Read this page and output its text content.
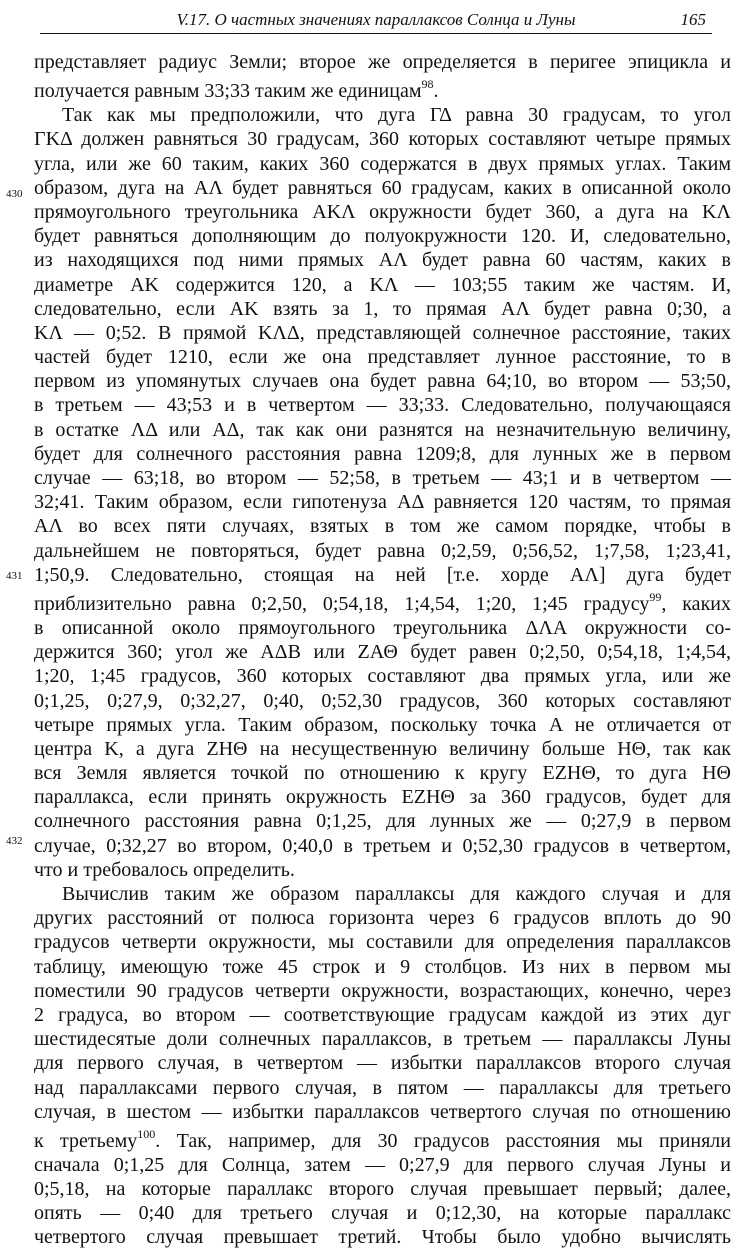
V.17. О частных значениях параллаксов Солнца и Луны	165
430
431
432
представляет радиус Земли; второе же определяется в перигее эпицикла и
получается равным 33;33 таким же единицам$^{98}$.
Так как мы предположили, что дуга ΓΔ равна 30 градусам, то угол
ΓΚΔ должен равняться 30 градусам, 360 которых составляют четыре прямых
угла, или же 60 таким, каких 360 содержатся в двух прямых углах. Таким
образом, дуга на ΑΛ будет равняться 60 градусам, каких в описанной около
прямоугольного треугольника ΑΚΛ окружности будет 360, а дуга на ΚΛ
будет равняться дополняющим до полуокружности 120. И, следовательно,
из находящихся под ними прямых ΑΛ будет равна 60 частям, каких в
диаметре ΑΚ содержится 120, а ΚΛ — 103;55 таким же частям. И,
следовательно, если ΑΚ взять за 1, то прямая ΑΛ будет равна 0;30, а
ΚΛ — 0;52. В прямой ΚΛΔ, представляющей солнечное расстояние, таких
частей будет 1210, если же она представляет лунное расстояние, то в
первом из упомянутых случаев она будет равна 64;10, во втором — 53;50,
в третьем — 43;53 и в четвертом — 33;33. Следовательно, получающаяся
в остатке ΛΔ или ΑΔ, так как они разнятся на незначительную величину,
будет для солнечного расстояния равна 1209;8, для лунных же в первом
случае — 63;18, во втором — 52;58, в третьем — 43;1 и в четвертом —
32;41. Таким образом, если гипотенуза ΑΔ равняется 120 частям, то прямая
ΑΛ во всех пяти случаях, взятых в том же самом порядке, чтобы в
дальнейшем не повторяться, будет равна 0;2,59, 0;56,52, 1;7,58, 1;23,41,
1;50,9. Следовательно, стоящая на ней [т.е. хорде ΑΛ] дуга будет
приблизительно равна 0;2,50, 0;54,18, 1;4,54, 1;20, 1;45 градусу$^{99}$, каких
в описанной около прямоугольного треугольника ΔΛΑ окружности со-
держится 360; угол же ΑΔΒ или ΖΑΘ будет равен 0;2,50, 0;54,18, 1;4,54,
1;20, 1;45 градусов, 360 которых составляют два прямых угла, или же
0;1,25, 0;27,9, 0;32,27, 0;40, 0;52,30 градусов, 360 которых составляют
четыре прямых угла. Таким образом, поскольку точка Α не отличается от
центра Κ, а дуга ΖΗΘ на несущественную величину больше ΗΘ, так как
вся Земля является точкой по отношению к кругу ΕΖΗΘ, то дуга ΗΘ
параллакса, если принять окружность ΕΖΗΘ за 360 градусов, будет для
солнечного расстояния равна 0;1,25, для лунных же — 0;27,9 в первом
случае, 0;32,27 во втором, 0;40,0 в третьем и 0;52,30 градусов в четвертом,
что и требовалось определить.
Вычислив таким же образом параллаксы для каждого случая и для
других расстояний от полюса горизонта через 6 градусов вплоть до 90
градусов четверти окружности, мы составили для определения параллаксов
таблицу, имеющую тоже 45 строк и 9 столбцов. Из них в первом мы
поместили 90 градусов четверти окружности, возрастающих, конечно, через
2 градуса, во втором — соответствующие градусам каждой из этих дуг
шестидесятые доли солнечных параллаксов, в третьем — параллаксы Луны
для первого случая, в четвертом — избытки параллаксов второго случая
над параллаксами первого случая, в пятом — параллаксы для третьего
случая, в шестом — избытки параллаксов четвертого случая по отношению
к третьему$^{100}$. Так, например, для 30 градусов расстояния мы приняли
сначала 0;1,25 для Солнца, затем — 0;27,9 для первого случая Луны и
0;5,18, на которые параллакс второго случая превышает первый; далее,
опять — 0;40 для третьего случая и 0;12,30, на которые параллакс
четвертого случая превышает третий. Чтобы было удобно вычислять
